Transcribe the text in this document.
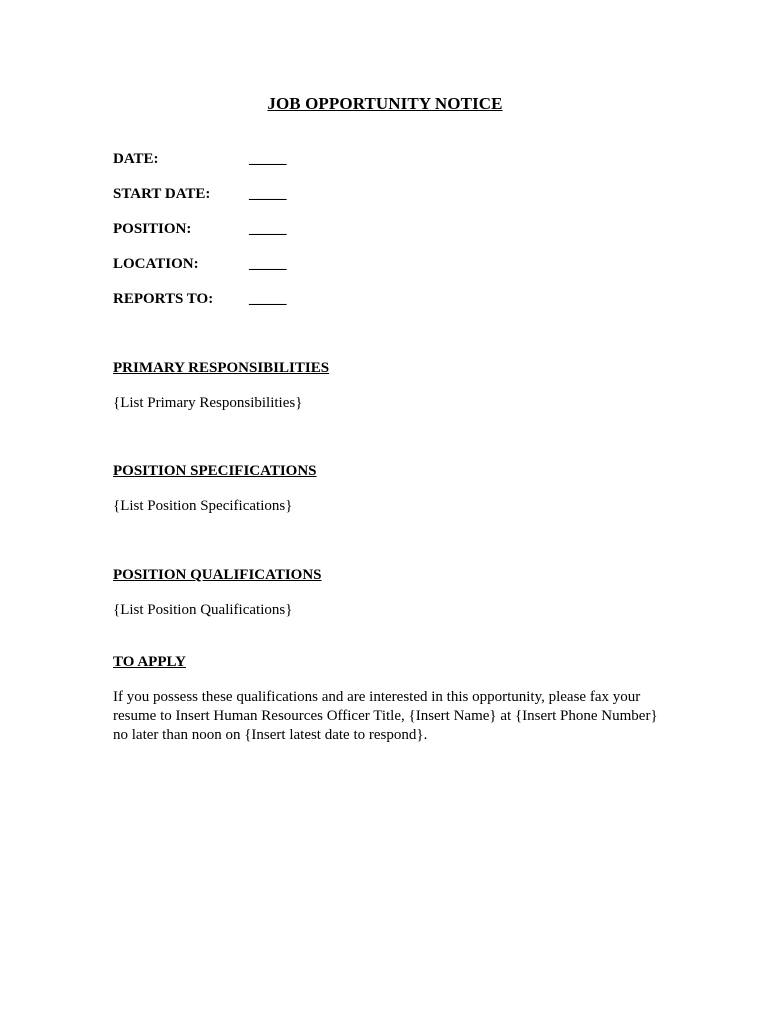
JOB OPPORTUNITY NOTICE
DATE:	_____
START DATE:	_____
POSITION:	_____
LOCATION:	_____
REPORTS TO: _____
PRIMARY RESPONSIBILITIES
{List Primary Responsibilities}
POSITION SPECIFICATIONS
{List Position Specifications}
POSITION QUALIFICATIONS
{List Position Qualifications}
TO APPLY
If you possess these qualifications and are interested in this opportunity, please fax your resume to Insert Human Resources Officer Title, {Insert Name} at {Insert Phone Number} no later than noon on {Insert latest date to respond}.
